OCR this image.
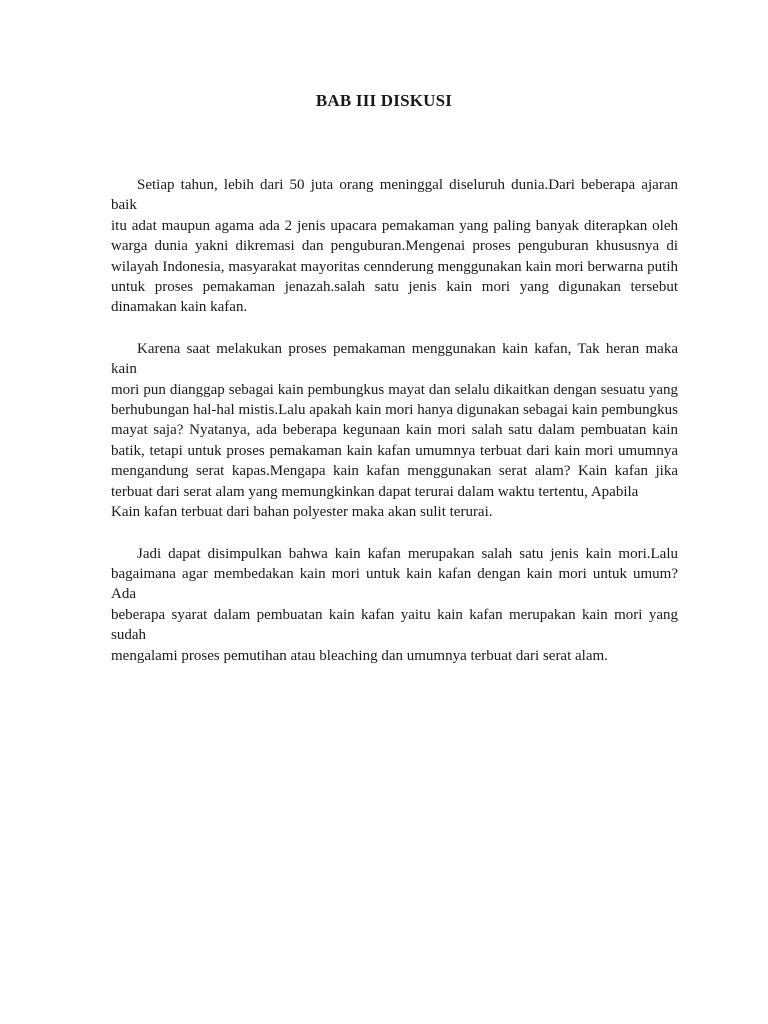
BAB III DISKUSI
Setiap tahun, lebih dari 50 juta orang meninggal diseluruh dunia.Dari beberapa ajaran baik
itu adat maupun agama ada 2 jenis upacara pemakaman yang paling banyak diterapkan oleh
warga dunia yakni dikremasi dan penguburan.Mengenai proses penguburan khususnya di
wilayah Indonesia, masyarakat mayoritas cennderung menggunakan kain mori berwarna putih
untuk proses pemakaman jenazah.salah satu jenis kain mori yang digunakan tersebut
dinamakan kain kafan.
Karena saat melakukan proses pemakaman menggunakan kain kafan, Tak heran maka kain
mori pun dianggap sebagai kain pembungkus mayat dan selalu dikaitkan dengan sesuatu yang
berhubungan hal-hal mistis.Lalu apakah kain mori hanya digunakan sebagai kain pembungkus
mayat saja? Nyatanya, ada beberapa kegunaan kain mori salah satu dalam pembuatan kain
batik, tetapi untuk proses pemakaman kain kafan umumnya terbuat dari kain mori umumnya
mengandung serat kapas.Mengapa kain kafan menggunakan serat alam? Kain kafan jika
terbuat dari serat alam yang memungkinkan dapat terurai dalam waktu tertentu, Apabila
Kain kafan terbuat dari bahan polyester maka akan sulit terurai.
Jadi dapat disimpulkan bahwa kain kafan merupakan salah satu jenis kain mori.Lalu
bagaimana agar membedakan kain mori untuk kain kafan dengan kain mori untuk umum? Ada
beberapa syarat dalam pembuatan kain kafan yaitu kain kafan merupakan kain mori yang sudah
mengalami proses pemutihan atau bleaching dan umumnya terbuat dari serat alam.
